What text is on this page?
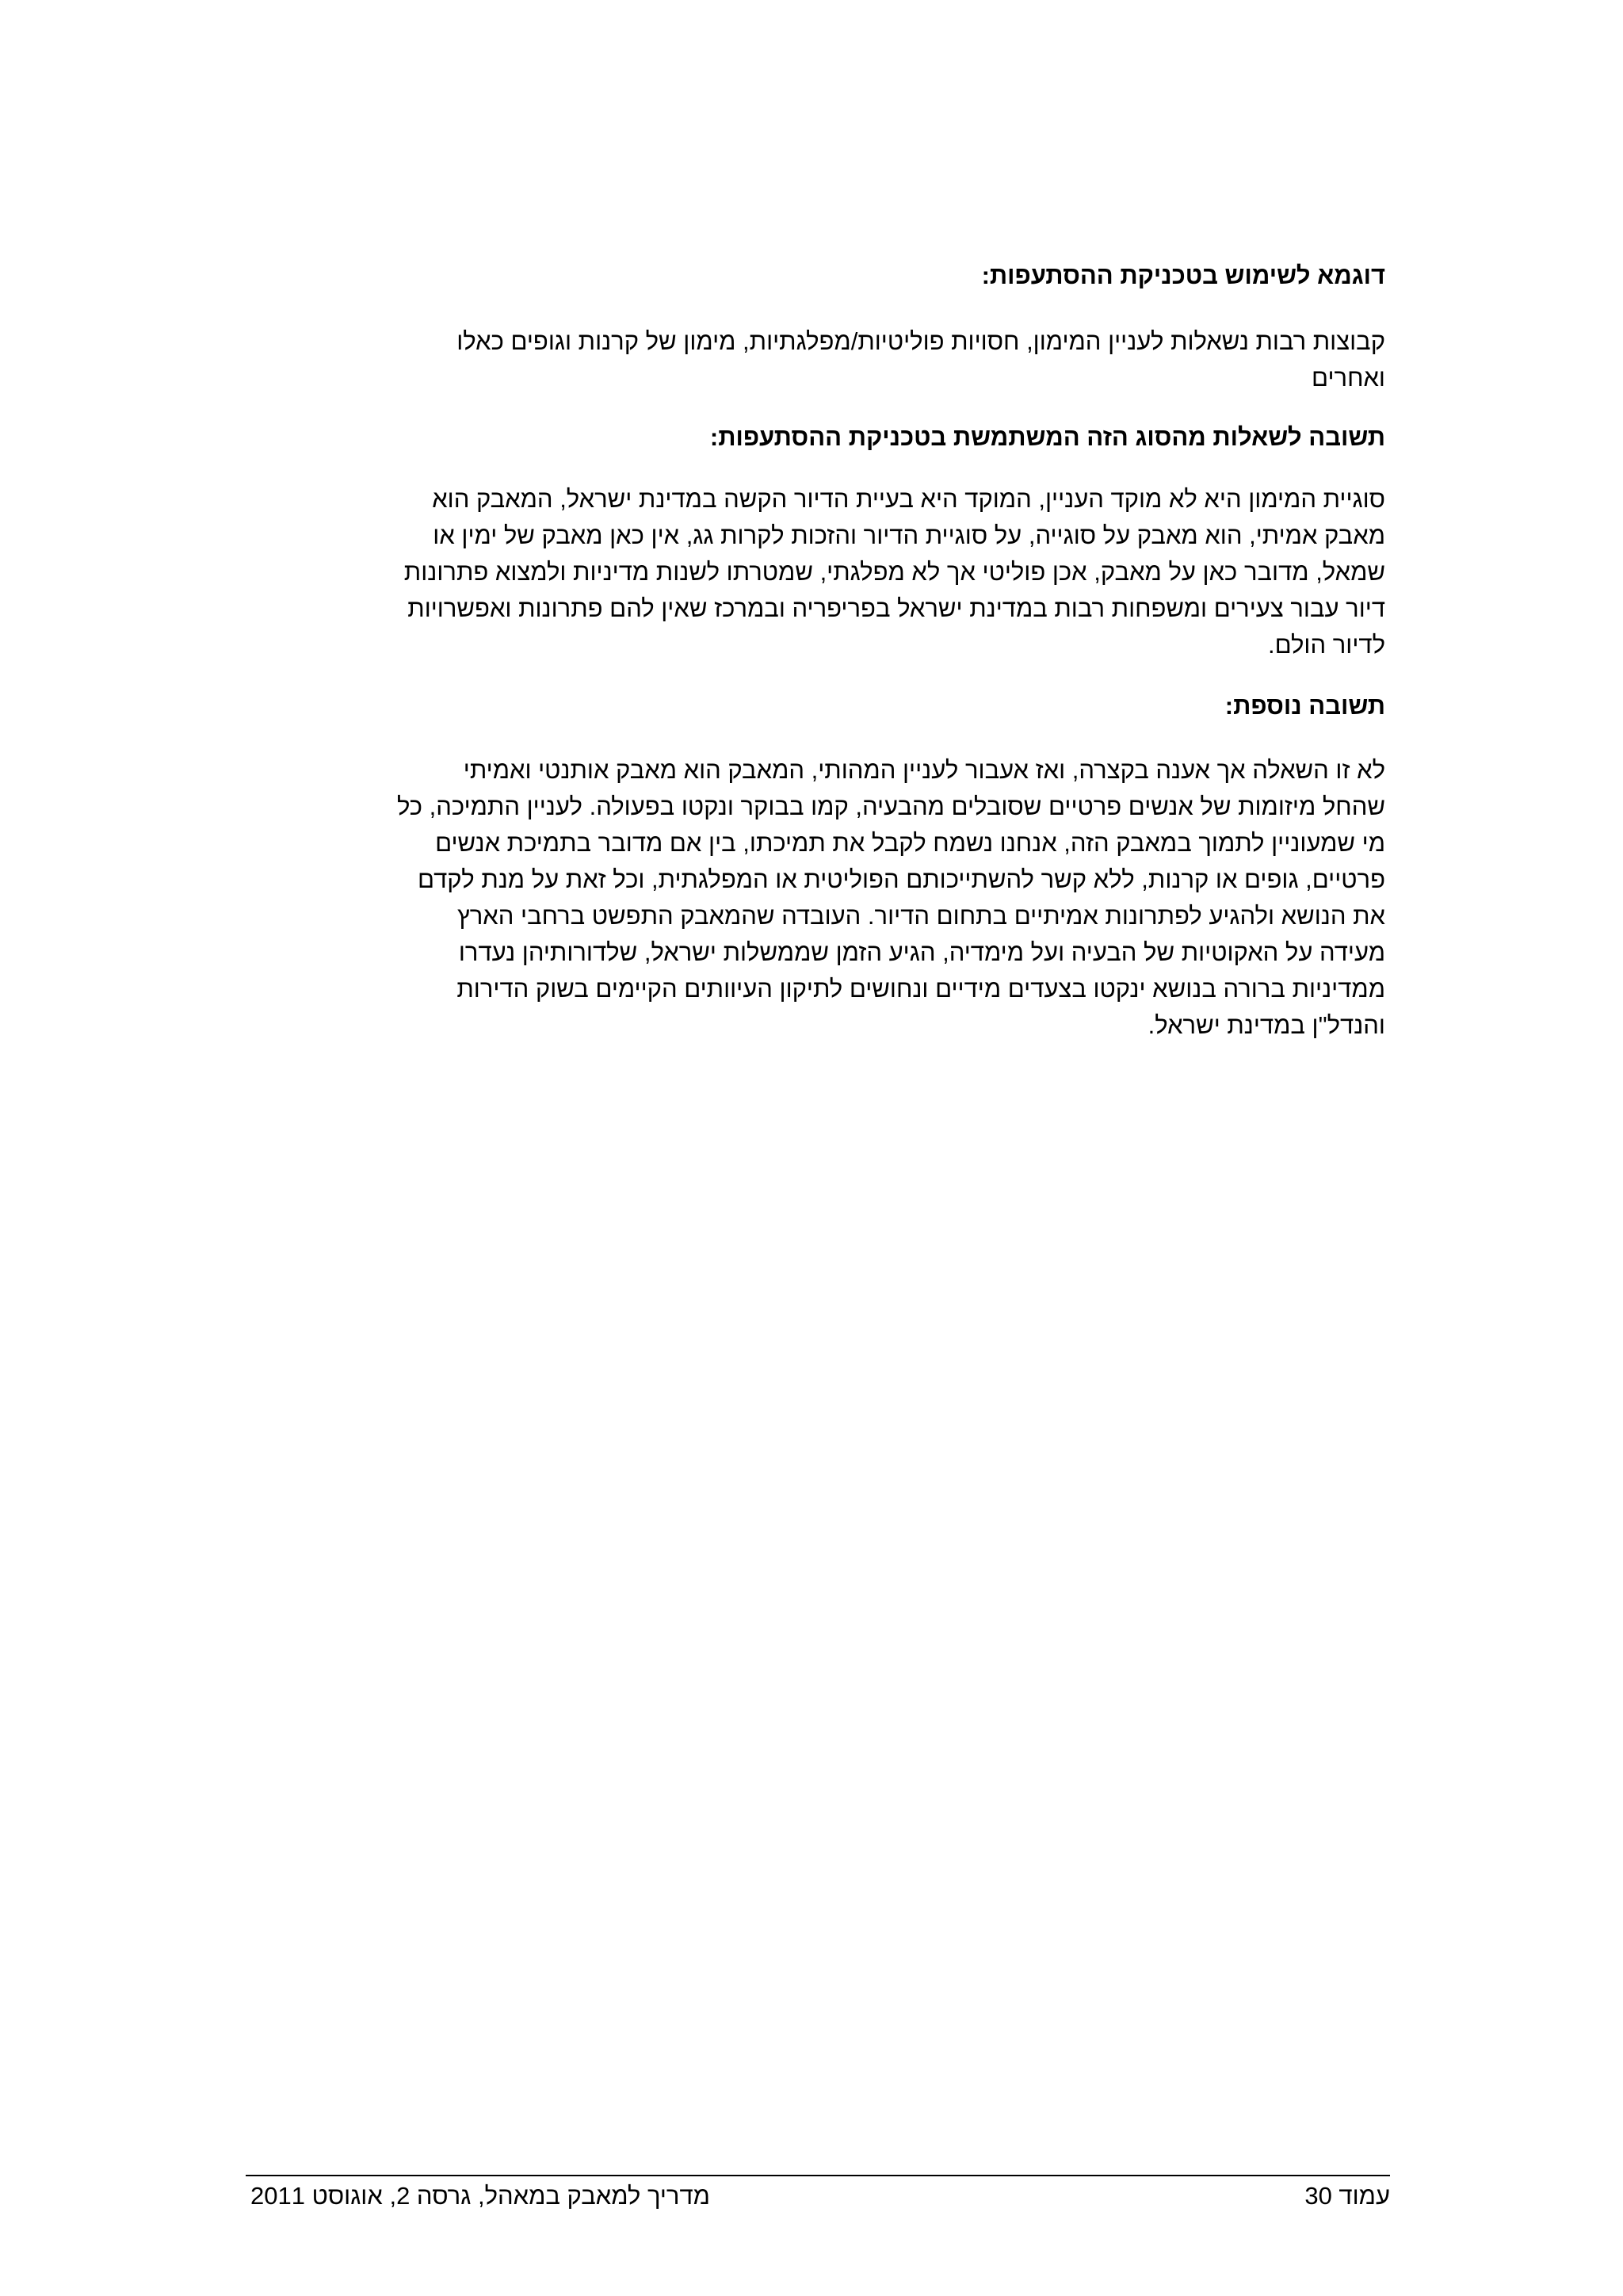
דוגמא לשימוש בטכניקת ההסתעפות:

קבוצות רבות נשאלות לעניין המימון, חסויות פוליטיות/מפלגתיות, מימון של קרנות וגופים כאלו
ואחרים

תשובה לשאלות מהסוג הזה המשתמשת בטכניקת ההסתעפות:

סוגיית המימון היא לא מוקד העניין, המוקד היא בעיית הדיור הקשה במדינת ישראל, המאבק הוא
מאבק אמיתי, הוא מאבק על סוגייה, על סוגיית הדיור והזכות לקרות גג, אין כאן מאבק של ימין או
שמאל, מדובר כאן על מאבק, אכן פוליטי אך לא מפלגתי, שמטרתו לשנות מדיניות ולמצוא פתרונות
דיור עבור צעירים ומשפחות רבות במדינת ישראל בפריפריה ובמרכז שאין להם פתרונות ואפשרויות
לדיור הולם.

תשובה נוספת:

לא זו השאלה אך אענה בקצרה, ואז אעבור לעניין המהותי, המאבק הוא מאבק אותנטי ואמיתי
שהחל מיזומות של אנשים פרטיים שסובלים מהבעיה, קמו בבוקר ונקטו בפעולה. לעניין התמיכה, כל
מי שמעוניין לתמוך במאבק הזה, אנחנו נשמח לקבל את תמיכתו, בין אם מדובר בתמיכת אנשים
פרטיים, גופים או קרנות, ללא קשר להשתייכותם הפוליטית או המפלגתית, וכל זאת על מנת לקדם
את הנושא ולהגיע לפתרונות אמיתיים בתחום הדיור. העובדה שהמאבק התפשט ברחבי הארץ
מעידה על האקוטיות של הבעיה ועל מימדיה, הגיע הזמן שממשלות ישראל, שלדורותיהן נעדרו
ממדיניות ברורה בנושא ינקטו בצעדים מידיים ונחושים לתיקון העיוותים הקיימים בשוק הדירות
והנדל"ן במדינת ישראל.

עמוד 30
מדריך למאבק במאהל, גרסה 2, אוגוסט 2011
